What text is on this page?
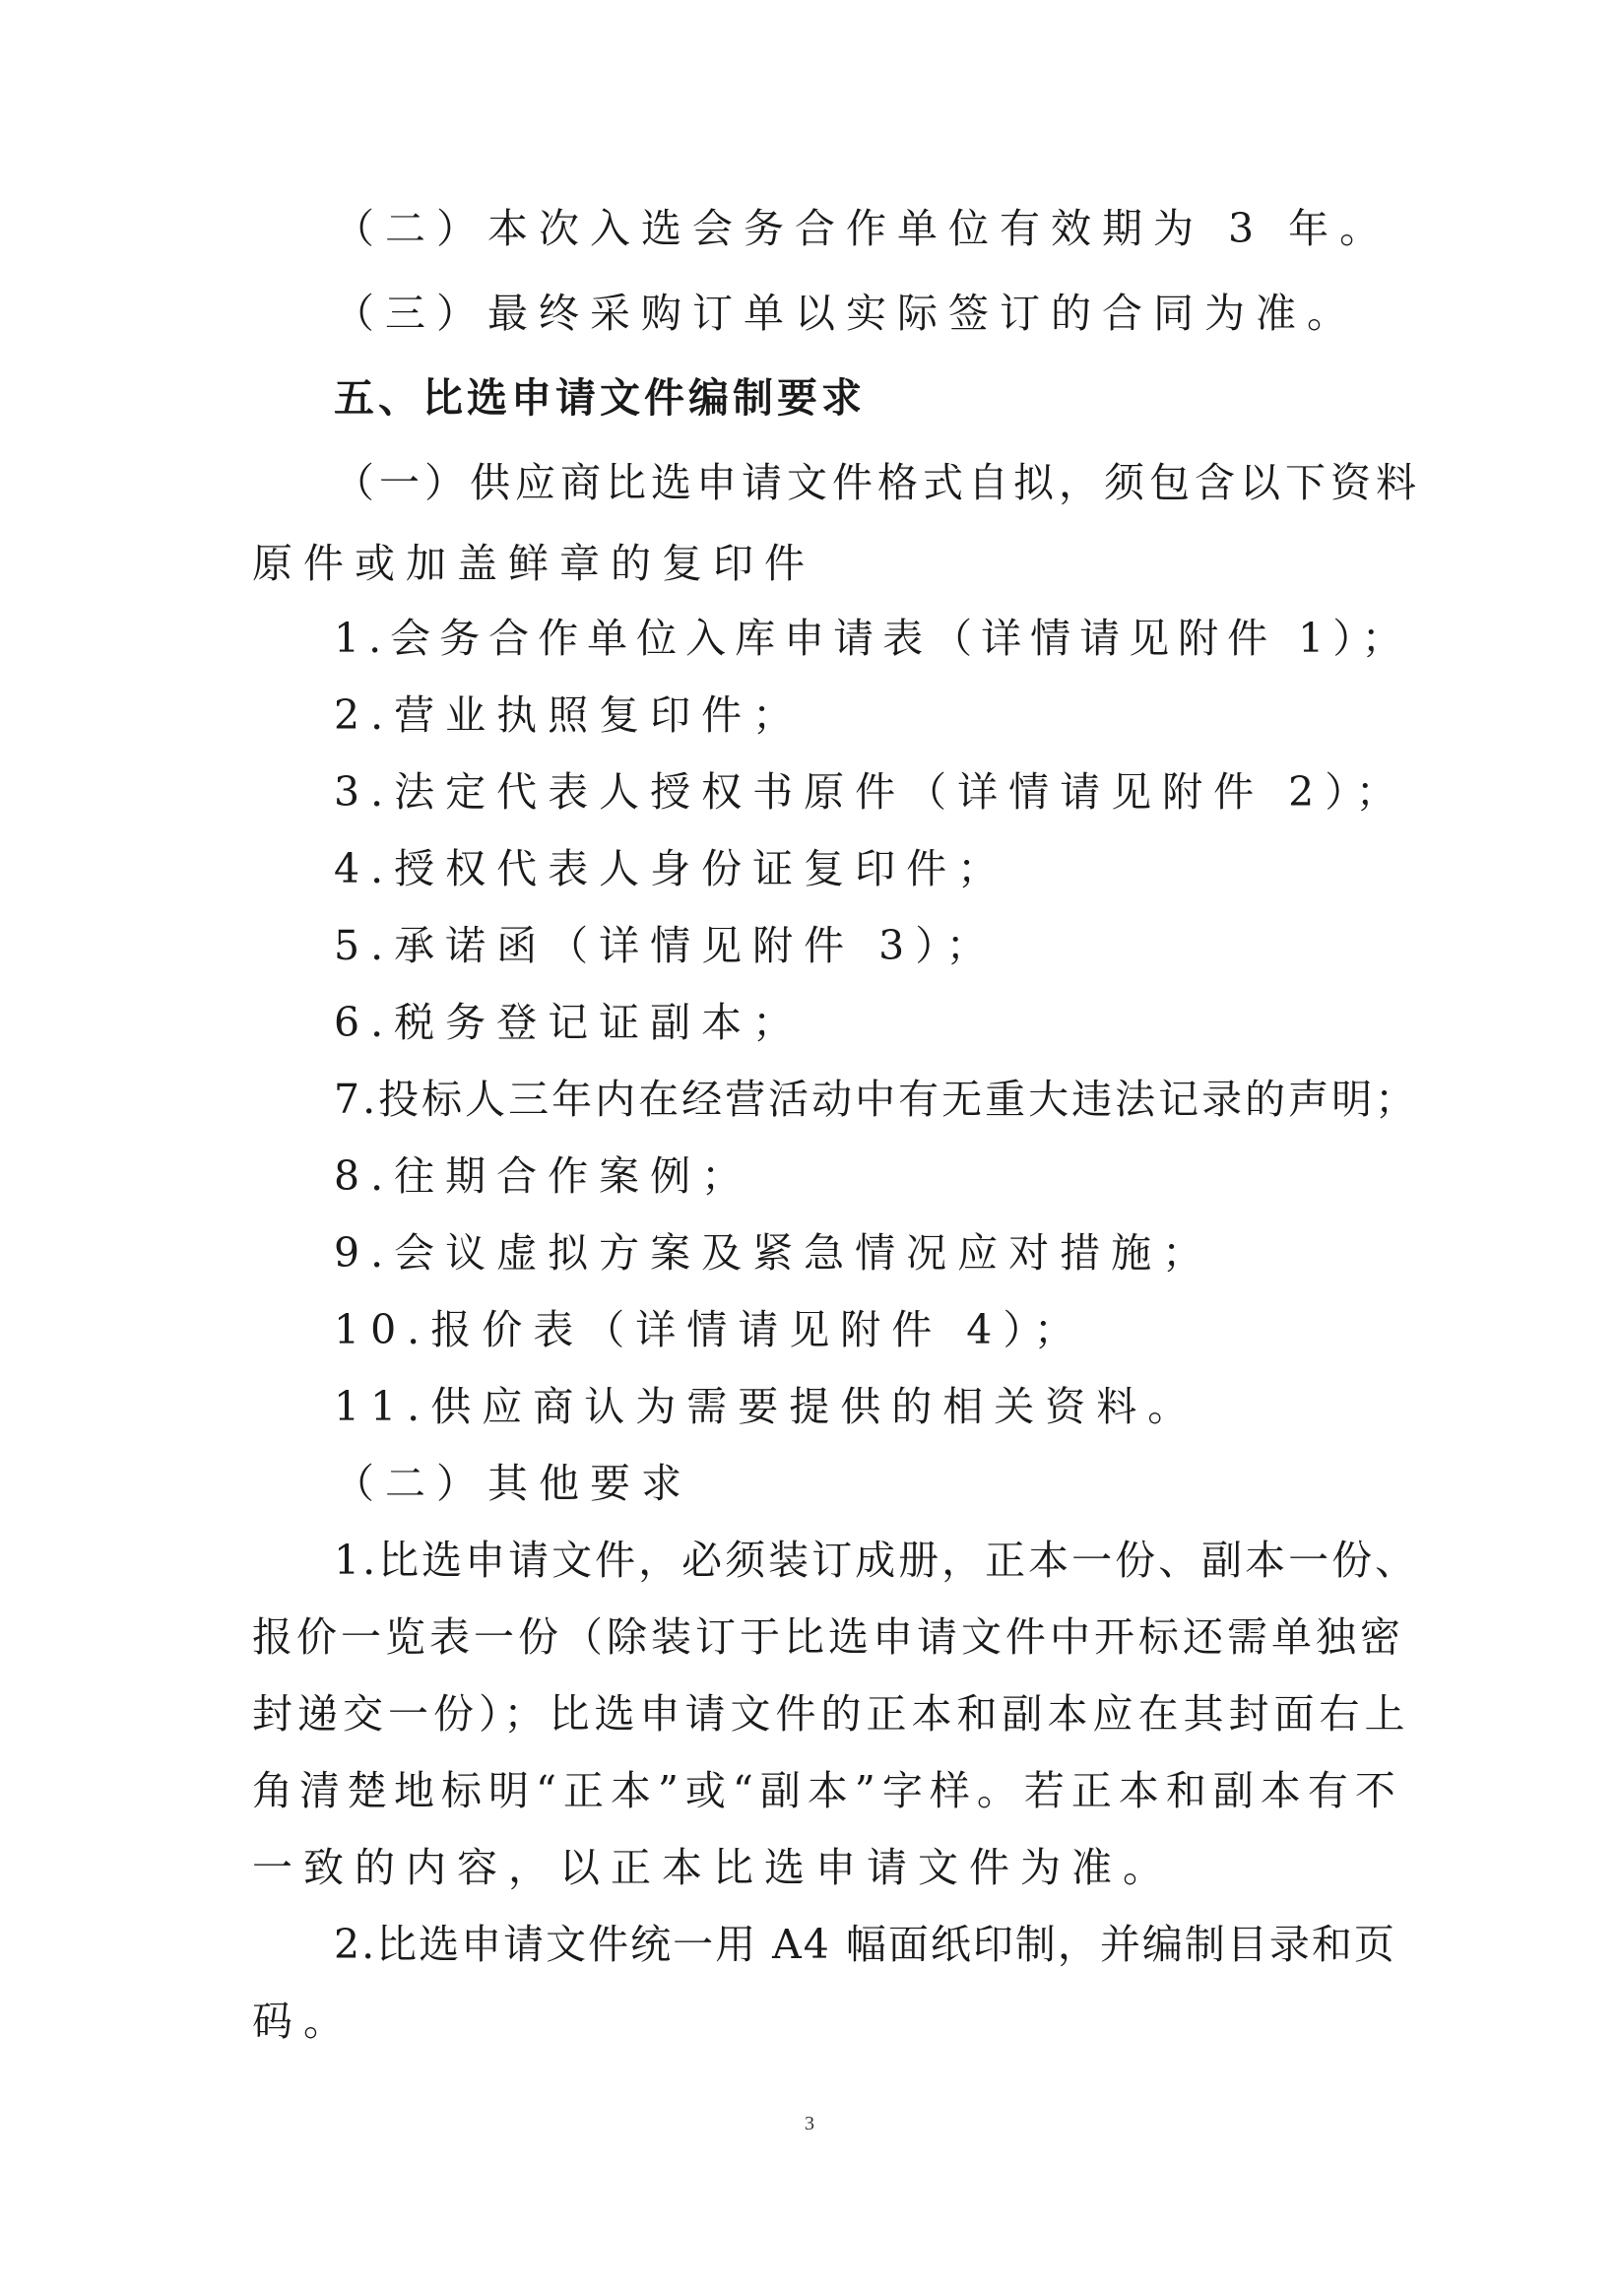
（二）本次入选会务合作单位有效期为 3 年。
（三）最终采购订单以实际签订的合同为准。
五、比选申请文件编制要求
（一）供应商比选申请文件格式自拟，须包含以下资料
原件或加盖鲜章的复印件
1.会务合作单位入库申请表（详情请见附件 1）；
2.营业执照复印件；
3.法定代表人授权书原件（详情请见附件 2）；
4.授权代表人身份证复印件；
5.承诺函（详情见附件 3）；
6.税务登记证副本；
7.投标人三年内在经营活动中有无重大违法记录的声明；
8.往期合作案例；
9.会议虚拟方案及紧急情况应对措施；
10.报价表（详情请见附件 4）；
11.供应商认为需要提供的相关资料。
（二）其他要求
1.比选申请文件，必须装订成册，正本一份、副本一份、
报价一览表一份（除装订于比选申请文件中开标还需单独密
封递交一份）；比选申请文件的正本和副本应在其封面右上
角清楚地标明“正本”或“副本”字样。若正本和副本有不
一致的内容，以正本比选申请文件为准。
2.比选申请文件统一用 A4 幅面纸印制，并编制目录和页
码。
3
